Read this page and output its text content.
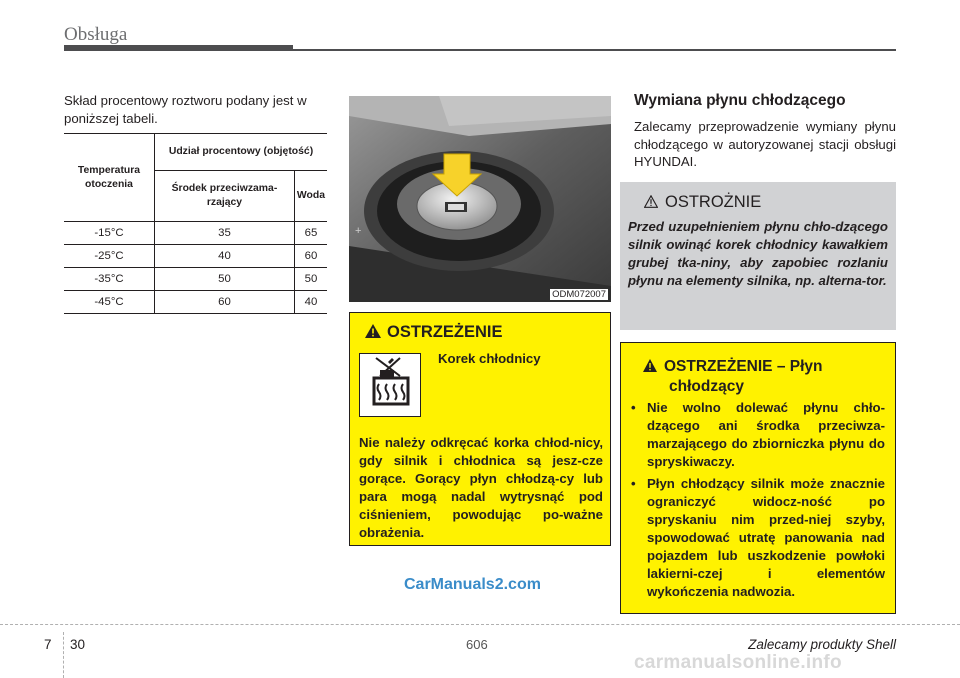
Obsługa
Skład procentowy roztworu podany jest w poniższej tabeli.
Temperatura otoczenia	Udział procentowy (objętość)	
	Środek przeciwzama-rzający	Woda
-15°C	35	65
-25°C	40	60
-35°C	50	50
-45°C	60	40
+
ODM072007
OSTRZEŻENIE
Korek chłodnicy
Nie należy odkręcać korka chłod-nicy, gdy silnik i chłodnica są jesz-cze gorące. Gorący płyn chłodzą-cy lub para mogą nadal wytrysnąć pod ciśnieniem, powodując po-ważne obrażenia.
Wymiana płynu chłodzącego
Zalecamy przeprowadzenie wymiany płynu chłodzącego w autoryzowanej stacji obsługi HYUNDAI.
OSTROŻNIE
Przed uzupełnieniem płynu chło-dzącego silnik owinąć korek chłodnicy kawałkiem grubej tka-niny, aby zapobiec rozlaniu płynu na elementy silnika, np. alterna-tor.
OSTRZEŻENIE – Płyn
chłodzący
• Nie wolno dolewać płynu chło-dzącego ani środka przeciwza-marzającego do zbiorniczka płynu do spryskiwaczy.
• Płyn chłodzący silnik może znacznie ograniczyć widocz-ność po spryskaniu nim przed-niej szyby, spowodować utratę panowania nad pojazdem lub uszkodzenie powłoki lakierni-czej i elementów wykończenia nadwozia.
CarManuals2.com
7 30	606	Zalecamy produkty Shell
carmanualsonline.info
